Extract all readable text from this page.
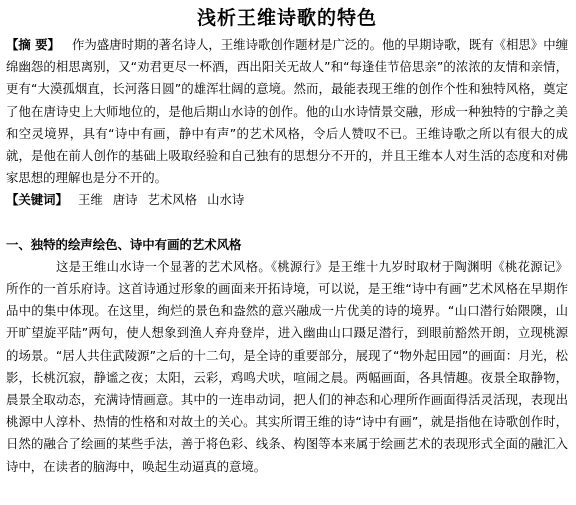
浅析王维诗歌的特色

【摘 要】 作为盛唐时期的著名诗人，王维诗歌创作题材是广泛的。他的早期诗歌，既有《相思》中缠绵幽怨的相思离别，又“劝君更尽一杯酒，西出阳关无故人”和“每逢佳节倍思亲”的浓浓的友情和亲情，更有“大漠孤烟直，长河落日圆”的雄浑壮阔的意境。然而，最能表现王维的创作个性和独特风格，奠定了他在唐诗史上大师地位的，是他后期山水诗的创作。他的山水诗情景交融，形成一种独特的宁静之美和空灵境界，具有“诗中有画，静中有声”的艺术风格，令后人赞叹不已。王维诗歌之所以有很大的成就，是他在前人创作的基础上吸取经验和自己独有的思想分不开的，并且王维本人对生活的态度和对佛家思想的理解也是分不开的。

【关键词】 王维 唐诗 艺术风格 山水诗

一、独特的绘声绘色、诗中有画的艺术风格

这是王维山水诗一个显著的艺术风格。《桃源行》是王维十九岁时取材于陶渊明《桃花源记》所作的一首乐府诗。这首诗通过形象的画面来开拓诗境，可以说，是王维“诗中有画”艺术风格在早期作品中的集中体现。在这里，绚烂的景色和盎然的意兴融成一片优美的诗的境界。“山口潜行始隈隩，山开旷望旋平陆”两句，使人想象到渔人弃舟登岸，进入幽曲山口蹑足潜行，到眼前豁然开朗，立现桃源的场景。“居人共住武陵源”之后的十二句，是全诗的重要部分，展现了“物外起田园”的画面：月光，松影，长桃沉寂，静谧之夜；太阳，云彩，鸡鸣犬吠，喧闹之晨。两幅画面，各具情趣。夜景全取静物，晨景全取动态，充满诗情画意。其中的一连串动词，把人们的神态和心理所作画面得活灵活现，表现出桃源中人淳朴、热情的性格和对故土的关心。其实所谓王维的诗“诗中有画”，就是指他在诗歌创作时，日然的融合了绘画的某些手法，善于将色彩、线条、构图等本来属于绘画艺术的表现形式全面的融汇入诗中，在读者的脑海中，唤起生动逼真的意境。
